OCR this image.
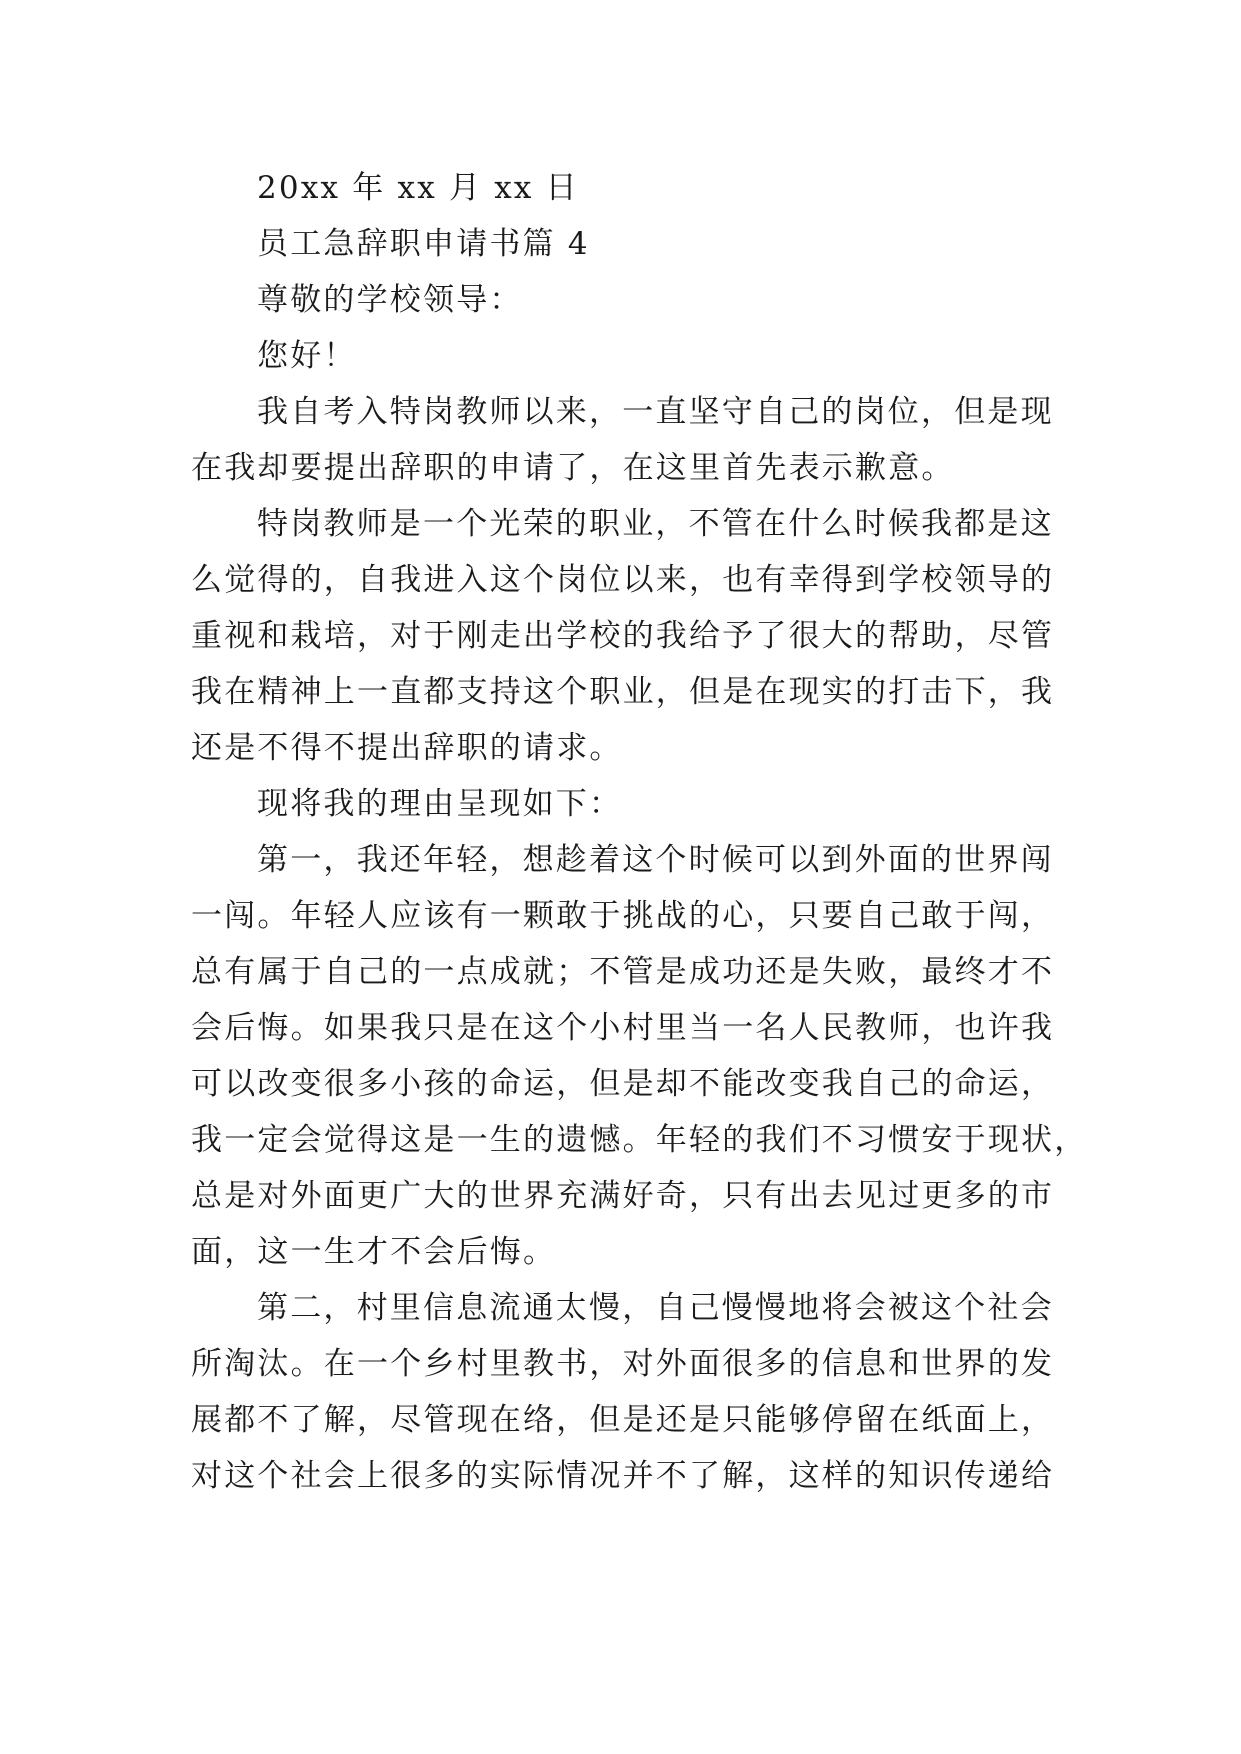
20xx 年 xx 月 xx 日

员工急辞职申请书篇 4

尊敬的学校领导：

您好！

我自考入特岗教师以来，一直坚守自己的岗位，但是现

在我却要提出辞职的申请了，在这里首先表示歉意。

特岗教师是一个光荣的职业，不管在什么时候我都是这

么觉得的，自我进入这个岗位以来，也有幸得到学校领导的

重视和栽培，对于刚走出学校的我给予了很大的帮助，尽管

我在精神上一直都支持这个职业，但是在现实的打击下，我

还是不得不提出辞职的请求。

现将我的理由呈现如下：

第一，我还年轻，想趁着这个时候可以到外面的世界闯

一闯。年轻人应该有一颗敢于挑战的心，只要自己敢于闯，

总有属于自己的一点成就；不管是成功还是失败，最终才不

会后悔。如果我只是在这个小村里当一名人民教师，也许我

可以改变很多小孩的命运，但是却不能改变我自己的命运，

我一定会觉得这是一生的遗憾。年轻的我们不习惯安于现状，

总是对外面更广大的世界充满好奇，只有出去见过更多的市

面，这一生才不会后悔。

第二，村里信息流通太慢，自己慢慢地将会被这个社会

所淘汰。在一个乡村里教书，对外面很多的信息和世界的发

展都不了解，尽管现在络，但是还是只能够停留在纸面上，

对这个社会上很多的实际情况并不了解，这样的知识传递给
